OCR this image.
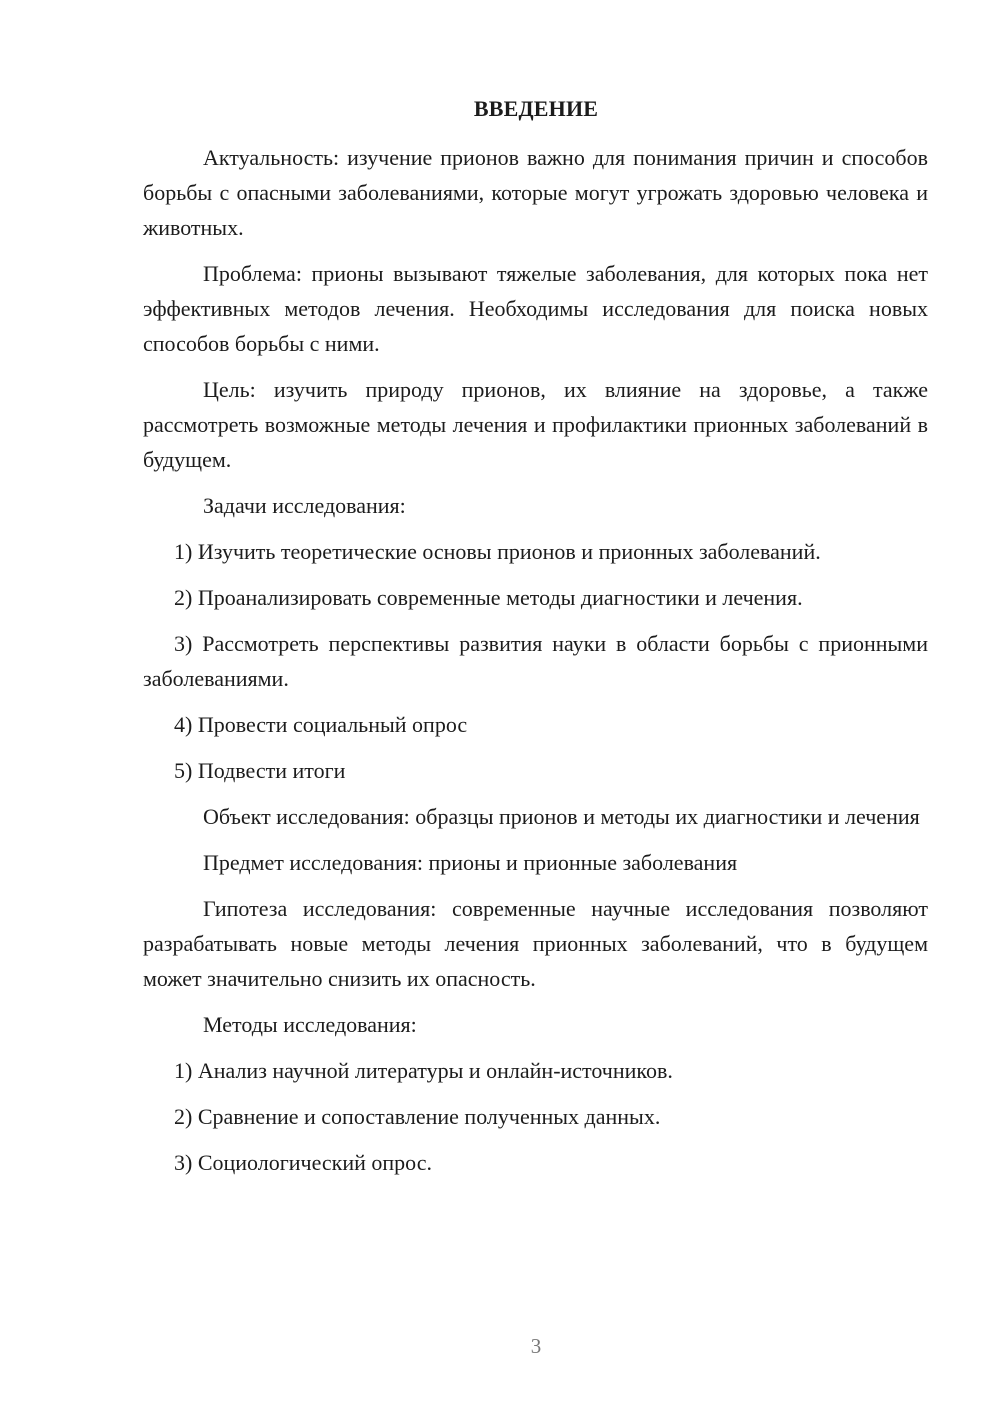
ВВЕДЕНИЕ

Актуальность: изучение прионов важно для понимания причин и способов борьбы с опасными заболеваниями, которые могут угрожать здоровью человека и животных.

Проблема: прионы вызывают тяжелые заболевания, для которых пока нет эффективных методов лечения. Необходимы исследования для поиска новых способов борьбы с ними.

Цель: изучить природу прионов, их влияние на здоровье, а также рассмотреть возможные методы лечения и профилактики прионных заболеваний в будущем.

Задачи исследования:

1) Изучить теоретические основы прионов и прионных заболеваний.

2) Проанализировать современные методы диагностики и лечения.

3) Рассмотреть перспективы развития науки в области борьбы с прионными заболеваниями.

4) Провести социальный опрос

5) Подвести итоги

Объект исследования: образцы прионов и методы их диагностики и лечения

Предмет исследования: прионы и прионные заболевания

Гипотеза исследования: современные научные исследования позволяют разрабатывать новые методы лечения прионных заболеваний, что в будущем может значительно снизить их опасность.

Методы исследования:

1) Анализ научной литературы и онлайн-источников.

2) Сравнение и сопоставление полученных данных.

3) Социологический опрос.

3
